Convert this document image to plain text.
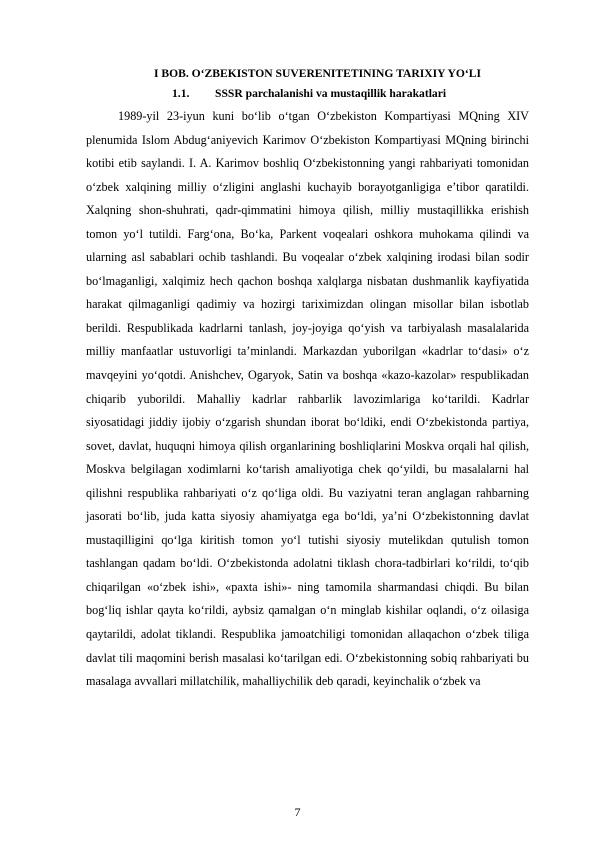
I BOB. O‘ZBEKISTON SUVERENITETINING TARIXIY YO‘LI
1.1. SSSR parchalanishi va mustaqillik harakatlari

1989-yil 23-iyun kuni bo‘lib o‘tgan O‘zbekiston Kompartiyasi MQning XIV plenumida Islom Abdug‘aniyevich Karimov O‘zbekiston Kompartiyasi MQning birinchi kotibi etib saylandi. I. A. Karimov boshliq O‘zbekistonning yangi rahbariyati tomonidan o‘zbek xalqining milliy o‘zligini anglashi kuchayib borayotganligiga e’tibor qaratildi. Xalqning shon-shuhrati, qadr-qimmatini himoya qilish, milliy mustaqillikka erishish tomon yo‘l tutildi. Farg‘ona, Bo‘ka, Parkent voqealari oshkora muhokama qilindi va ularning asl sabablari ochib tashlandi. Bu voqealar o‘zbek xalqining irodasi bilan sodir bo‘lmaganligi, xalqimiz hech qachon boshqa xalqlarga nisbatan dushmanlik kayfiyatida harakat qilmaganligi qadimiy va hozirgi tariximizdan olingan misollar bilan isbotlab berildi. Respublikada kadrlarni tanlash, joy-joyiga qo‘yish va tarbiyalash masalalarida milliy manfaatlar ustuvorligi ta’minlandi. Markazdan yuborilgan «kadrlar to‘dasi» o‘z mavqeyini yo‘qotdi. Anishchev, Ogaryok, Satin va boshqa «kazo-kazolar» respublikadan chiqarib yuborildi. Mahalliy kadrlar rahbarlik lavozimlariga ko‘tarildi. Kadrlar siyosatidagi jiddiy ijobiy o‘zgarish shundan iborat bo‘ldiki, endi O‘zbekistonda partiya, sovet, davlat, huquqni himoya qilish organlarining boshliqlarini Moskva orqali hal qilish, Moskva belgilagan xodimlarni ko‘tarish amaliyotiga chek qo‘yildi, bu masalalarni hal qilishni respublika rahbariyati o‘z qo‘liga oldi. Bu vaziyatni teran anglagan rahbarning jasorati bo‘lib, juda katta siyosiy ahamiyatga ega bo‘ldi, ya’ni O‘zbekistonning davlat mustaqilligini qo‘lga kiritish tomon yo‘l tutishi siyosiy mutelikdan qutulish tomon tashlangan qadam bo‘ldi. O‘zbekistonda adolatni tiklash chora-tadbirlari ko‘rildi, to‘qib chiqarilgan «o‘zbek ishi», «paxta ishi»- ning tamomila sharmandasi chiqdi. Bu bilan bog‘liq ishlar qayta ko‘rildi, aybsiz qamalgan o‘n minglab kishilar oqlandi, o‘z oilasiga qaytarildi, adolat tiklandi. Respublika jamoatchiligi tomonidan allaqachon o‘zbek tiliga davlat tili maqomini berish masalasi ko‘tarilgan edi. O‘zbekistonning sobiq rahbariyati bu masalaga avvallari millatchilik, mahalliychilik deb qaradi, keyinchalik o‘zbek va

7
